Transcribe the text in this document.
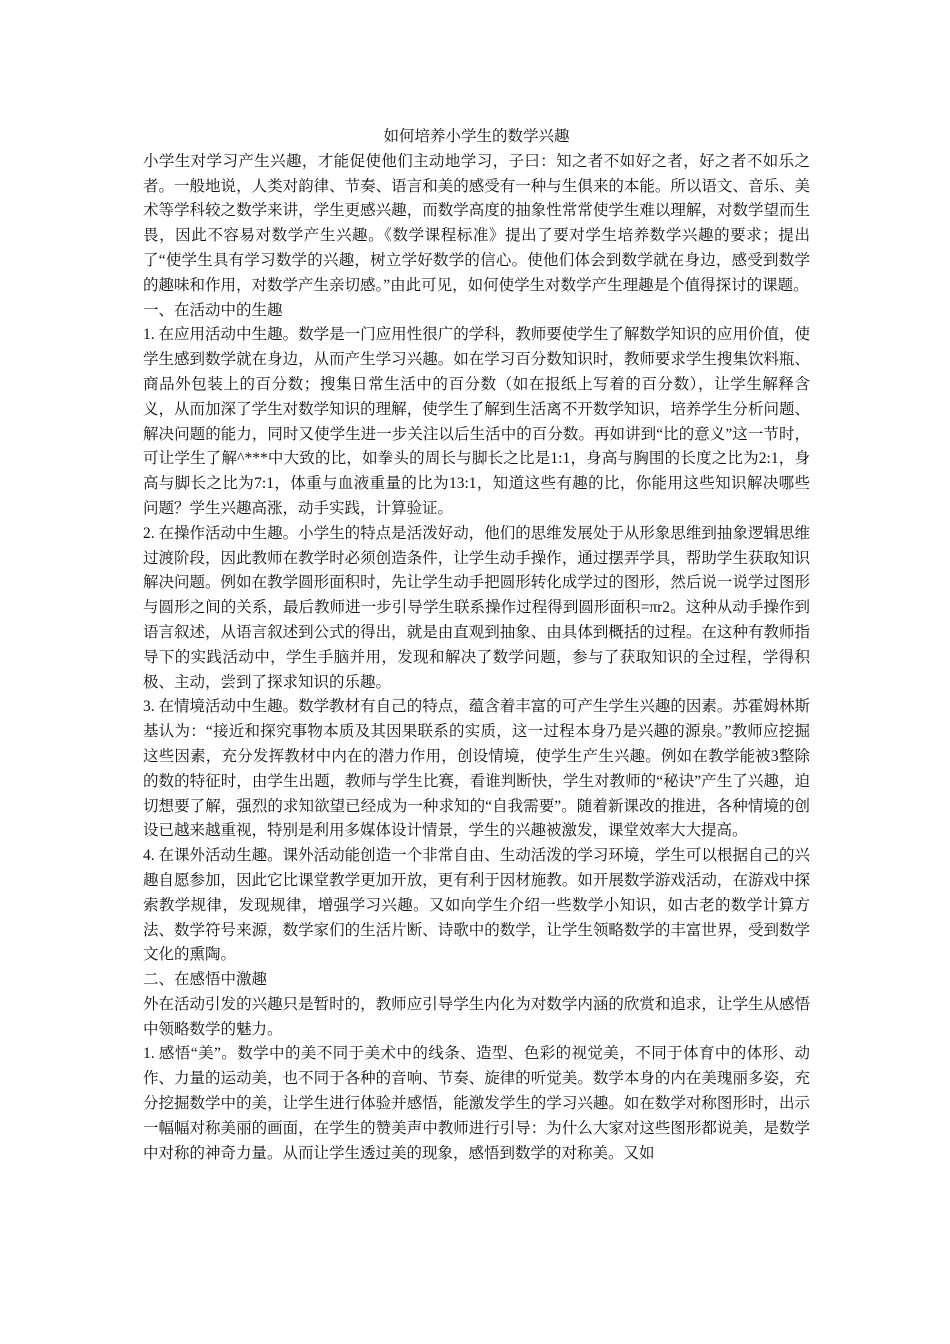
如何培养小学生的数学兴趣

小学生对学习产生兴趣，才能促使他们主动地学习，子曰：知之者不如好之者，好之者不如乐之者。一般地说，人类对韵律、节奏、语言和美的感受有一种与生俱来的本能。所以语文、音乐、美术等学科较之数学来讲，学生更感兴趣，而数学高度的抽象性常常使学生难以理解，对数学望而生畏，因此不容易对数学产生兴趣。《数学课程标准》提出了要对学生培养数学兴趣的要求；提出了“使学生具有学习数学的兴趣，树立学好数学的信心。使他们体会到数学就在身边，感受到数学的趣味和作用，对数学产生亲切感。”由此可见，如何使学生对数学产生理趣是个值得探讨的课题。

一、在活动中的生趣

1. 在应用活动中生趣。数学是一门应用性很广的学科，教师要使学生了解数学知识的应用价值，使学生感到数学就在身边，从而产生学习兴趣。如在学习百分数知识时，教师要求学生搜集饮料瓶、商品外包装上的百分数；搜集日常生活中的百分数（如在报纸上写着的百分数），让学生解释含义，从而加深了学生对数学知识的理解，使学生了解到生活离不开数学知识，培养学生分析问题、解决问题的能力，同时又使学生进一步关注以后生活中的百分数。再如讲到“比的意义”这一节时，可让学生了解^***中大致的比，如拳头的周长与脚长之比是1:1，身高与胸围的长度之比为2:1，身高与脚长之比为7:1，体重与血液重量的比为13:1，知道这些有趣的比，你能用这些知识解决哪些问题？学生兴趣高涨，动手实践，计算验证。

2. 在操作活动中生趣。小学生的特点是活泼好动，他们的思维发展处于从形象思维到抽象逻辑思维过渡阶段，因此教师在教学时必须创造条件，让学生动手操作，通过摆弄学具，帮助学生获取知识解决问题。例如在教学圆形面积时，先让学生动手把圆形转化成学过的图形，然后说一说学过图形与圆形之间的关系，最后教师进一步引导学生联系操作过程得到圆形面积=πr2。这种从动手操作到语言叙述，从语言叙述到公式的得出，就是由直观到抽象、由具体到概括的过程。在这种有教师指导下的实践活动中，学生手脑并用，发现和解决了数学问题，参与了获取知识的全过程，学得积极、主动，尝到了探求知识的乐趣。

3. 在情境活动中生趣。数学教材有自己的特点，蕴含着丰富的可产生学生兴趣的因素。苏霍姆林斯基认为：“接近和探究事物本质及其因果联系的实质，这一过程本身乃是兴趣的源泉。”教师应挖掘这些因素，充分发挥教材中内在的潜力作用，创设情境，使学生产生兴趣。例如在教学能被3整除的数的特征时，由学生出题，教师与学生比赛，看谁判断快，学生对教师的“秘诀”产生了兴趣，迫切想要了解，强烈的求知欲望已经成为一种求知的“自我需要”。随着新课改的推进，各种情境的创设已越来越重视，特别是利用多媒体设计情景，学生的兴趣被激发，课堂效率大大提高。

4. 在课外活动生趣。课外活动能创造一个非常自由、生动活泼的学习环境，学生可以根据自己的兴趣自愿参加，因此它比课堂教学更加开放，更有利于因材施教。如开展数学游戏活动，在游戏中探索教学规律，发现规律，增强学习兴趣。又如向学生介绍一些数学小知识，如古老的数学计算方法、数学符号来源，数学家们的生活片断、诗歌中的数学，让学生领略数学的丰富世界，受到数学文化的熏陶。

二、在感悟中激趣

外在活动引发的兴趣只是暂时的，教师应引导学生内化为对数学内涵的欣赏和追求，让学生从感悟中领略数学的魅力。

1. 感悟“美”。数学中的美不同于美术中的线条、造型、色彩的视觉美，不同于体育中的体形、动作、力量的运动美，也不同于各种的音响、节奏、旋律的听觉美。数学本身的内在美瑰丽多姿，充分挖掘数学中的美，让学生进行体验并感悟，能激发学生的学习兴趣。如在数学对称图形时，出示一幅幅对称美丽的画面，在学生的赞美声中教师进行引导：为什么大家对这些图形都说美，是数学中对称的神奇力量。从而让学生透过美的现象，感悟到数学的对称美。又如
